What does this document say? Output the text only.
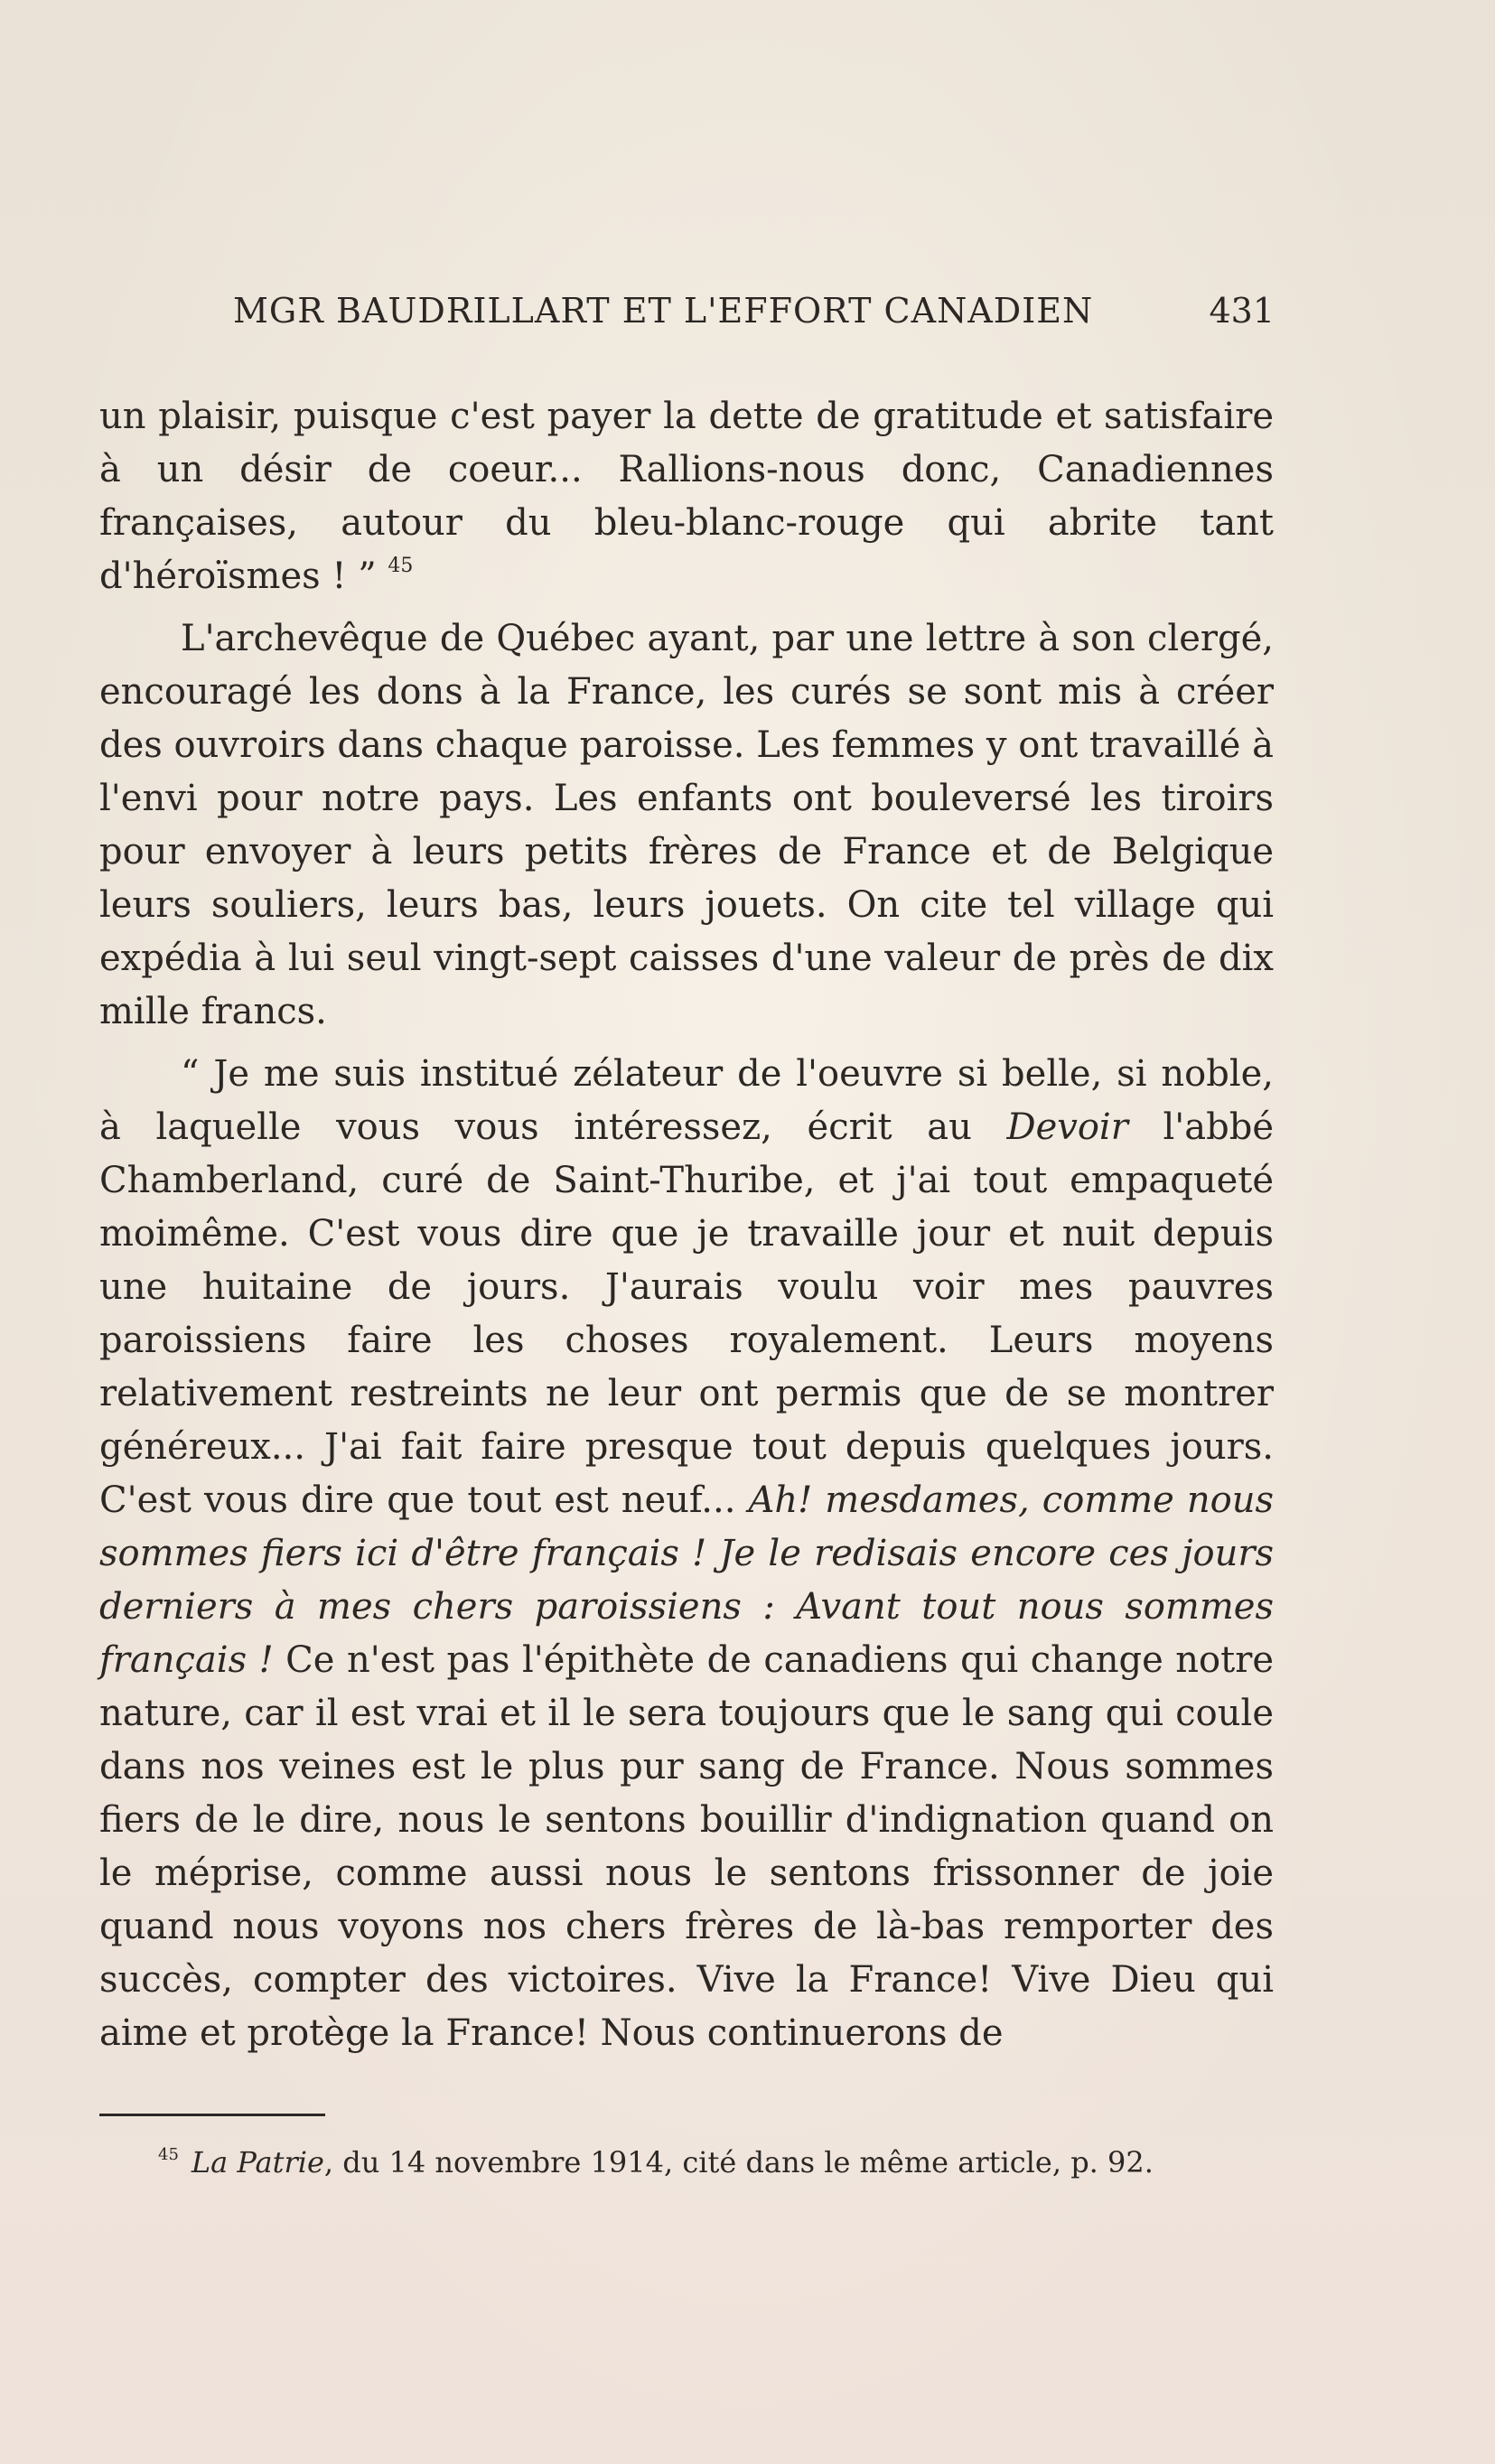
MGR BAUDRILLART ET L'EFFORT CANADIEN	431

un plaisir, puisque c'est payer la dette de gratitude et satisfaire à un désir de coeur... Rallions-nous donc, Canadiennes françaises, autour du bleu-blanc-rouge qui abrite tant d'héroïsmes ! ” $^{45}$

L'archevêque de Québec ayant, par une lettre à son clergé, encouragé les dons à la France, les curés se sont mis à créer des ouvroirs dans chaque paroisse. Les femmes y ont travaillé à l'envi pour notre pays. Les enfants ont bouleversé les tiroirs pour envoyer à leurs petits frères de France et de Belgique leurs souliers, leurs bas, leurs jouets. On cite tel village qui expédia à lui seul vingt-sept caisses d'une valeur de près de dix mille francs.

“ Je me suis institué zélateur de l'oeuvre si belle, si noble, à laquelle vous vous intéressez, écrit au Devoir l'abbé Chamberland, curé de Saint-Thuribe, et j'ai tout empaqueté moimême. C'est vous dire que je travaille jour et nuit depuis une huitaine de jours. J'aurais voulu voir mes pauvres paroissiens faire les choses royalement. Leurs moyens relativement restreints ne leur ont permis que de se montrer généreux... J'ai fait faire presque tout depuis quelques jours. C'est vous dire que tout est neuf... Ah! mesdames, comme nous sommes fiers ici d'être français ! Je le redisais encore ces jours derniers à mes chers paroissiens : Avant tout nous sommes français ! Ce n'est pas l'épithète de canadiens qui change notre nature, car il est vrai et il le sera toujours que le sang qui coule dans nos veines est le plus pur sang de France. Nous sommes fiers de le dire, nous le sentons bouillir d'indignation quand on le méprise, comme aussi nous le sentons frissonner de joie quand nous voyons nos chers frères de là-bas remporter des succès, compter des victoires. Vive la France! Vive Dieu qui aime et protège la France! Nous continuerons de

$^{45}$ La Patrie, du 14 novembre 1914, cité dans le même article, p. 92.
